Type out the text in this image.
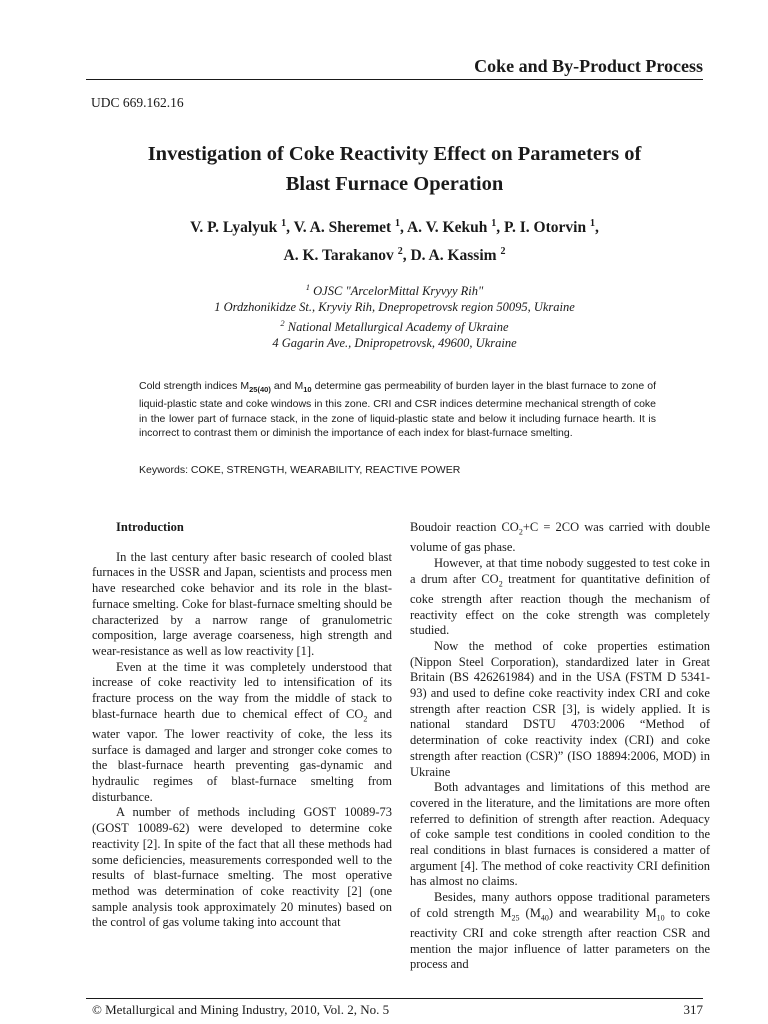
Coke and By-Product Process
UDC 669.162.16
Investigation of Coke Reactivity Effect on Parameters of
Blast Furnace Operation
V. P. Lyalyuk $^1$, V. A. Sheremet $^1$, A. V. Kekuh $^1$, P. I. Otorvin $^1$,
A. K. Tarakanov $^2$, D. A. Kassim $^2$
$^1$ OJSC "ArcelorMittal Kryvyy Rih"
1 Ordzhonikidze St., Kryviy Rih, Dnepropetrovsk region 50095, Ukraine
$^2$ National Metallurgical Academy of Ukraine
4 Gagarin Ave., Dnipropetrovsk, 49600, Ukraine
Cold strength indices $M_{25(40)}$ and $M_{10}$ determine gas permeability of burden layer in the blast furnace to zone of liquid-plastic state and coke windows in this zone. CRI and CSR indices determine mechanical strength of coke in the lower part of furnace stack, in the zone of liquid-plastic state and below it including furnace hearth. It is incorrect to contrast them or diminish the importance of each index for blast-furnace smelting.
Keywords: COKE, STRENGTH, WEARABILITY, REACTIVE POWER
Introduction

In the last century after basic research of cooled blast furnaces in the USSR and Japan, scientists and process men have researched coke behavior and its role in the blast-furnace smelting. Coke for blast-furnace smelting should be characterized by a narrow range of granulometric composition, large average coarseness, high strength and wear-resistance as well as low reactivity [1].

Even at the time it was completely understood that increase of coke reactivity led to intensification of its fracture process on the way from the middle of stack to blast-furnace hearth due to chemical effect of $CO_2$ and water vapor. The lower reactivity of coke, the less its surface is damaged and larger and stronger coke comes to the blast-furnace hearth preventing gas-dynamic and hydraulic regimes of blast-furnace smelting from disturbance.

A number of methods including GOST 10089-73 (GOST 10089-62) were developed to determine coke reactivity [2]. In spite of the fact that all these methods had some deficiencies, measurements corresponded well to the results of blast-furnace smelting. The most operative method was determination of coke reactivity [2] (one sample analysis took approximately 20 minutes) based on the control of gas volume taking into account that

Boudoir reaction $CO_2+C = 2CO$ was carried with double volume of gas phase.

However, at that time nobody suggested to test coke in a drum after $CO_2$ treatment for quantitative definition of coke strength after reaction though the mechanism of reactivity effect on the coke strength was completely studied.

Now the method of coke properties estimation (Nippon Steel Corporation), standardized later in Great Britain (BS 426261984) and in the USA (FSTM D 5341-93) and used to define coke reactivity index CRI and coke strength after reaction CSR [3], is widely applied. It is national standard DSTU 4703:2006 “Method of determination of coke reactivity index (CRI) and coke strength after reaction (CSR)” (ISO 18894:2006, MOD) in Ukraine

Both advantages and limitations of this method are covered in the literature, and the limitations are more often referred to definition of strength after reaction. Adequacy of coke sample test conditions in cooled condition to the real conditions in blast furnaces is considered a matter of argument [4]. The method of coke reactivity CRI definition has almost no claims.

Besides, many authors oppose traditional parameters of cold strength $M_{25}$ $(M_{40})$ and wearability $M_{10}$ to coke reactivity CRI and coke strength after reaction CSR and mention the major influence of latter parameters on the process and

© Metallurgical and Mining Industry, 2010, Vol. 2, No. 5	317
